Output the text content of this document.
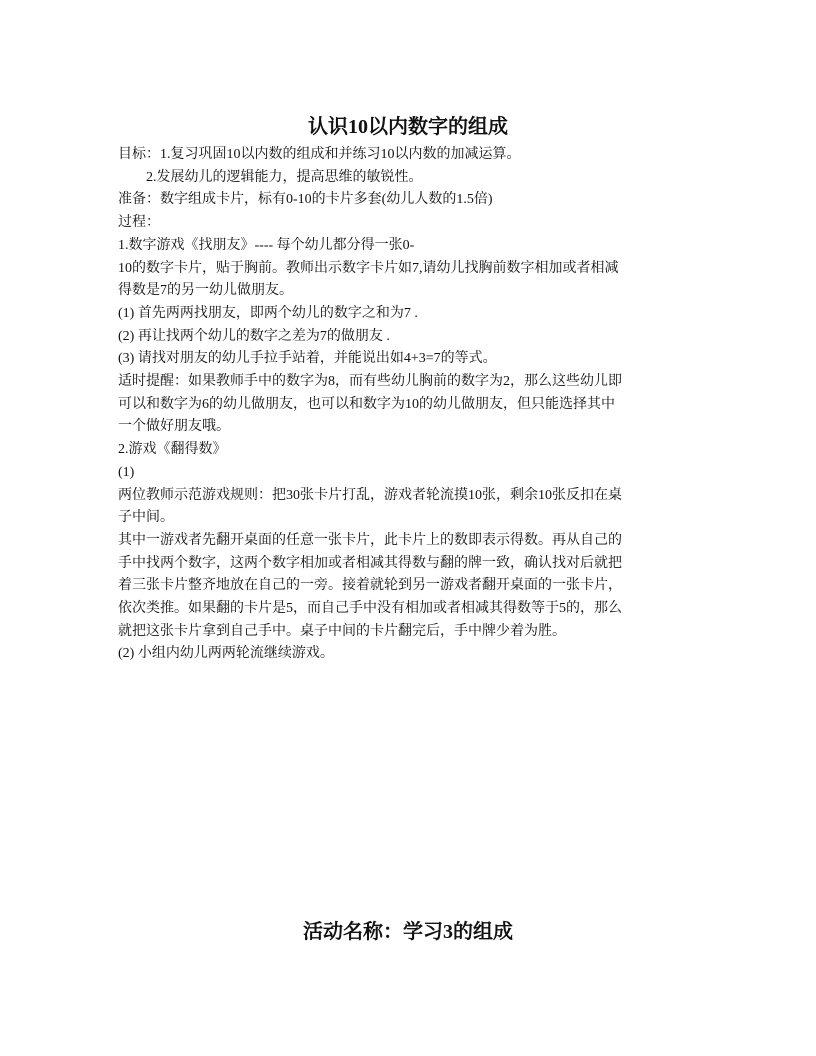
认识10以内数字的组成

目标：1.复习巩固10以内数的组成和并练习10以内数的加减运算。

2.发展幼儿的逻辑能力，提高思维的敏锐性。

准备：数字组成卡片，标有0-10的卡片多套(幼儿人数的1.5倍)

过程：

1.数字游戏《找朋友》---- 每个幼儿都分得一张0-

10的数字卡片，贴于胸前。教师出示数字卡片如7,请幼儿找胸前数字相加或者相减

得数是7的另一幼儿做朋友。

(1) 首先两两找朋友，即两个幼儿的数字之和为7 .

(2) 再让找两个幼儿的数字之差为7的做朋友 .

(3) 请找对朋友的幼儿手拉手站着，并能说出如4+3=7的等式。

适时提醒：如果教师手中的数字为8，而有些幼儿胸前的数字为2，那么这些幼儿即

可以和数字为6的幼儿做朋友，也可以和数字为10的幼儿做朋友，但只能选择其中

一个做好朋友哦。

2.游戏《翻得数》

(1)

两位教师示范游戏规则：把30张卡片打乱，游戏者轮流摸10张，剩余10张反扣在桌

子中间。

其中一游戏者先翻开桌面的任意一张卡片，此卡片上的数即表示得数。再从自己的

手中找两个数字，这两个数字相加或者相减其得数与翻的牌一致，确认找对后就把

着三张卡片整齐地放在自己的一旁。接着就轮到另一游戏者翻开桌面的一张卡片，

依次类推。如果翻的卡片是5，而自己手中没有相加或者相减其得数等于5的，那么

就把这张卡片拿到自己手中。桌子中间的卡片翻完后，手中牌少着为胜。

(2) 小组内幼儿两两轮流继续游戏。

活动名称：学习3的组成
